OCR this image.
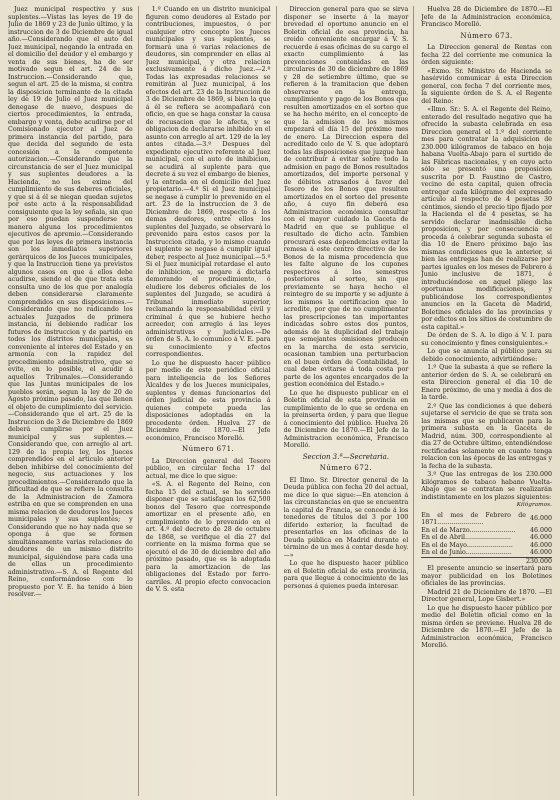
Juez municipal respectivo y sus suplentes.—Vistas las leyes de 19 de Julio de 1869 y 23 de Junio último, y la instruccion de 3 de Diciembre de igual año.—Considerando que el auto del Juez municipal, negando la entrada en el domicilio del deudor y el embargo y venta de sus bienes, ha de ser motivado segun el art. 24 de la Instruccion.—Considerando que, segun el art. 25 de la misma, si contra la disposicion terminante de la citada ley de 19 de Julio el Juez municipal denegase de nuevo, despues de ciertos procedimientos, la entrada, embargo y venta, debe acudirse por el Comisionado ejecutor al Juez de primera instancia del partido, para que decida del segundo de esta concesión a la competente autorizacion.—Considerando que la circunstancia de ser el Juez municipal y sus suplentes deudores a la Hacienda, no los exime del cumplimiento de sus deberes oficiales, y que si á él se niegan quedan sujetos por este acto á la responsabilidad consiguiente que la ley señala, sin que por eso puedan suspenderse en manera alguna los procedimientos ejecutivos de apremio.—Considerando que por las leyes de primera instancia son los inmediatos superiores gerárquicos de los Jueces municipales, y que la Instruccion tiene ya previstos algunos casos en que á ellos debe acudirse, siendo el de que trata esta consulta uno de los que por analogía deben considerarse claramente comprendidos en sus disposiciones.—Considerando que no radicando los actuales Juzgados de primera instancia, ni debiendo radicar los futuros de instruccion y de partido en todos los distritos municipales, es conveniente al interes del Estado y en armonía con la rapidez del procedimiento administrativo, que se evite, en lo posible, el acudir á aquellos Tribunales.—Considerando que las Juntas municipales de los pueblos serán, segun la ley de 20 de Agosto próximo pasado, las que llenen el objeto de cumplimiento del servicio.—Considerando que el art. 25 de la Instruccion de 3 de Diciembre de 1869 deberá cumplirse por el Juez municipal y sus suplentes.—Considerando que, con arreglo al art. 129 de la propia ley, los Jueces comprendidos en el articulo anterior deben inhibirse del conocimiento del negocio, sus actuaciones y los procedimientos.—Considerando que la dificultad de que se refiere la consulta de la Administracion de Zamora estriba en que se comprenden en una misma relacion de deudores los Jueces municipales y sus suplentes; y Considerando que no hay nada que se oponga á que se formen simultáneamente varias relaciones de deudores de un mismo distrito municipal, siguiéndose para cada una de ellas un procedimiento administrativo.—S. A. el Regente del Reino, conformándose con lo propuesto por V. E. ha tenido á bien resolver.—

1.º Cuando en un distrito municipal figuren como deudores al Estado por contribuciones, impuestos, ó por cualquier otro concepto los Jueces municipales y sus suplentes, se formará una ó varias relaciones de deudores, sin comprender en ellas al Juez municipal, y otra relacion exclusivamente á dicho Juez.—2.º Todas las expresadas relaciones se remitirán al Juez municipal, á los efectos del art. 23 de la Instruccion de 3 de Diciembre de 1869, si bien la que á él se refiera se acompañará con oficio, en que se haga constar la causa de recusacion que le afecta, y se obligacion de declararse inhibido en el asunto con arreglo al art. 129 de la ley antes citada.—3.º Despues del expediente ejecutivo referente al Juez municipal, con el auto de inhibicion, se acudirá al suplente para que decrete á su vez el embargo de bienes, y la entrada en el domicilio del Juez propietario.—4.º Si el Juez municipal se negase á cumplir lo prevenido en el art. 23 de la instruccion de 3 de Diciembre de 1869, respecto á los demas deudores, entre ellos los suplentes del Juzgado, se observará lo prevenido para estos casos por la Instruccion citada, y lo mismo cuando el suplente se negase á cumplir igual deber, respecto al Juez municipal.—5.º Si el Juez municipal retardase el auto de inhibicion, se negare á dictarla demorando el procedimiento, ó eludiere los deberes oficiales de los suplentes del Juzgado, se acudirá á Tribunal inmediato superior, reclamando la responsabilidad civil y criminal á que se hubiere hecho acreedor, con arreglo á las leyes administrativas y judiciales.—De órden de S. A. lo comunico á V. E. para su conocimiento y efectos correspondientes.

Lo que he dispuesto hacer público por medio de este periódico oficial para inteligencia de los Señores Alcaldes y de los Jueces municipales, suplentes y demas funcionarios del órden judicial de esta provincia á quienes compete pueda las disposiciones adoptadas en la precedente órden. Huelva 27 de Diciembre de 1870.—El Jefe económico, Francisco Morelló.

Número 671.

La Direccion general del Tesoro público, en circular fecha 17 del actual, me dice lo que sigue:

«S. A. el Regente del Reino, con fecha 15 del actual, se ha servido disponer que se satisfagan los 62,500 bonos del Tesoro que corresponde amortizar en el presente año, en cumplimiento de lo prevenido en el art. 4.º del decreto de 28 de octubre de 1868, se verifique el día 27 del corriente en la misma forma que se ejecutó el de 30 de diciembre del año próximo pasado, que es la adoptada para la amortizacion de las obligaciones del Estado por ferro-carriles. Al propio efecto convocacion de V. S. esta

Direccion general para que se sirva disponer se inserte á la mayor brevedad el oportuno anuncio en el Boletin oficial de esa provincia, ha creido conveniente encargar á V. S. recuerde á esas oficinas de su cargo el exacto cumplimiento á las prevenciones contenidas en las circulares de 30 de diciembre de 1869 y 28 de setiembre último, que se refieren á la tramitacion que deben observarse en la entrega, cumplimiento y pago de los Bonos que resulten amortizados en el sorteo que se ha hecho mérito, en el concepto de que la admision de los mismos empezará el día 15 del próximo mes de enero. La Direccion espera del acreditado celo de V. S. que adoptará todas las disposiciones que juzgue han de contribuir á evitar sobre todo la admision en pago de Bonos resultados amortizados, del importe personal y de débitos atrasados á favor del Tesoro de los Bonos que resulten amortizados en el sorteo del presente año, á cuyo fin deberá esa Administracion económica consultar con el mayor cuidado la Gaceta de Madrid en que se publique el resultado de dicho acto. Tambien procurará esas dependencias evitar la remesa á este centro directivo de los Bonos de la misma procedencia que les falte alguno de los cupones respectivos á los semestres posteriores al sorteo, sin que previamente se haya hecho el reintegro de su importe y se adjunte á los mismos la certificacion que lo acredite, por que de no cumplimentar las prescripciones tan importantes indicadas sobre estos dos puntos, además de la duplicidad del trabajo que semejantes omisiones producen en la marcha de esta servicio, ocasionan tambien una perturbacion en el buen órden de Contabilidad, lo cual debe evitarse á toda costa por parte de los agentes encargados de la gestion económica del Estado.»

Lo que he dispuesto publicar en el Boletin oficial de esta provincia en cumplimiento de lo que se ordena en la preinserta órden, y para que llegue á conocimiento del público. Huelva 26 de Diciembre de 1870.—El Jefe de la Administracion económica, Francisco Morelló.

Seccion 3.ª—Secretaria.

Número 672.

El Ilmo. Sr. Director general de la Deuda pública con fecha 20 del actual, me dice lo que sigue:—En atencion á las circunstancias en que se encuentra la capital de Francia, se concede á los tenedores de títulos del 3 por 100 diferido exterior, la facultad de presentarlos en las oficinas de la Deuda pública en Madrid durante el término de un mes á contar desde hoy.—»

Lo que he dispuesto hacer público en el Boletin oficial de esta provincia, para que llegue á conocimiento de las personas á quienes pueda interesar.

Huelva 28 de Diciembre de 1870.—El Jefe de la Administracion económica, Francisco Morelló.

Número 673.

La Direccion general de Rentas con fecha 22 del corriente me comunica la órden siguiente:

«Exmo. Sr. Ministro de Hacienda se hasérvido comunicar á esta Direccion general, con fecha 7 del corriente mes, la siguiente órden de S. A. el Regente del Reino:

«Ilmo. Sr.: S. A. el Regente del Reino, enterado del resultado negativo que ha ofrecido la subasta celebrada en esa Direccion general el 1.º del corriente mes para contratar la adquisicion de 230.000 kilógramos de tabaco en hoja habana Vuelta-Abajo para el surtido de las Fábricas nacionales, y en cuyo acto sólo se presentó una proposicion suscrita por D. Faustino de Castro, vecino de esta capital, quien ofrecía entregar cada kilógramo del expresado artículo al respecto de 4 pesetas 30 céntimos, siendo el precio tipo fijado por la Hacienda el de 4 pesetas, se ha servido declarar inadmisible dicha proposicion, y por consecuencia se proceda á celebrar segunda subasta el dia 10 de Enero próximo bajo las mismas condiciones que la anterior, si bien las entregas han de realizarse por partes iguales en los meses de Febrero á Junio inclusive de 1871, é introduciéndose en aquel pliego las oportunas modificaciones, y publicándose los correspondientes anuncios en la Gaceta de Madrid, Boletines oficiales de las provincias y por edictos en los sitios de costumbre de esta capital.»

De órden de S. A. lo digo á V. I. para su conocimiento y fines consiguientes.»

Lo que se anuncia al público para su debido conocimiento, advirtiéndose:

1.º Que la subasta á que se refiere la anterior órden de S. A. se celebrará en esta Direccion general el dia 10 de Enero próximo, de una y media á dos de la tarde.

2.º Que las condiciones á que deberá sujetarse el servicio de que se trata son las mismas que se publicaron para la primera subasta en la Gaceta de Madrid, núm. 300, correspondiente al dia 27 de Octubre último, entendiéndose rectificadas solamente en cuanto tenga relacion con las épocas de las entregas y la fecha de la subasta.

3.º Que las entregas de los 230.000 kilógramos de tabaco habano Vuelta-Abajo que se contratan se realizarán indistintamente en los plazos siguientes:

Kilógramos.
En el mes de Febrero de 1871.......................	46.000
En el de Marzo.......................	46.000
En el de Abril.......................	46.000
En el de Mayo.......................	46.000
En el de Junio.......................	46.000
	230.000

El presente anuncio se insertará para mayor publicidad en los Boletines oficiales de las provincias.

Madrid 21 de Diciembre de 1870. —El Director general, Lope Gisbert.»

Lo que he dispuesto hacer público por medio del Boletin oficial como en la misma órden se previene. Huelva 28 de Diciembre de 1870.—El Jefe de la Administracion económica, Francisco Morelló.
